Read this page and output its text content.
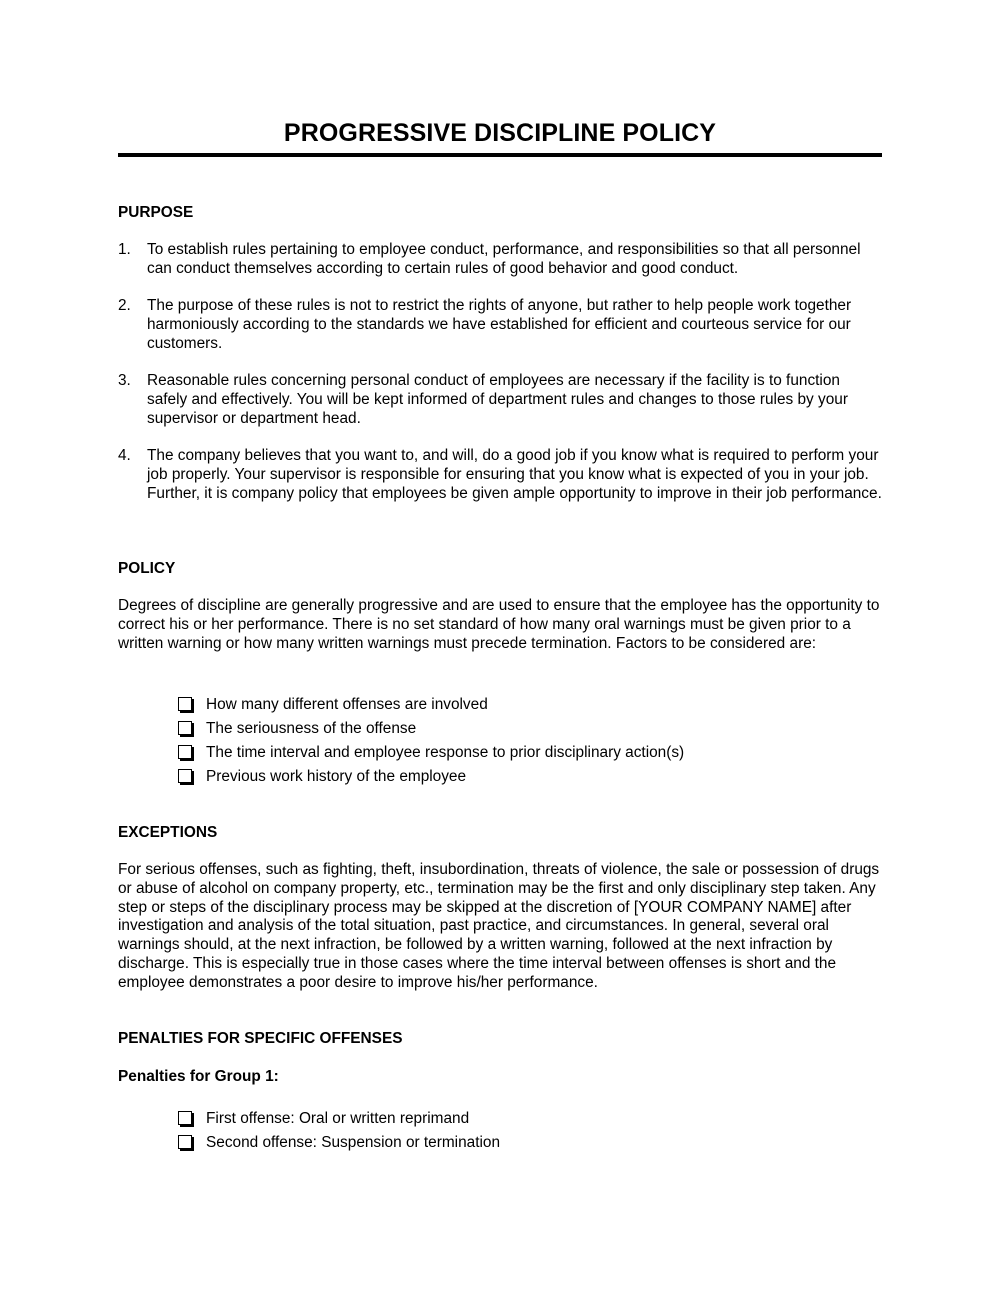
PROGRESSIVE DISCIPLINE POLICY
PURPOSE
1. To establish rules pertaining to employee conduct, performance, and responsibilities so that all personnel can conduct themselves according to certain rules of good behavior and good conduct.
2. The purpose of these rules is not to restrict the rights of anyone, but rather to help people work together harmoniously according to the standards we have established for efficient and courteous service for our customers.
3. Reasonable rules concerning personal conduct of employees are necessary if the facility is to function safely and effectively. You will be kept informed of department rules and changes to those rules by your supervisor or department head.
4. The company believes that you want to, and will, do a good job if you know what is required to perform your job properly. Your supervisor is responsible for ensuring that you know what is expected of you in your job. Further, it is company policy that employees be given ample opportunity to improve in their job performance.
POLICY
Degrees of discipline are generally progressive and are used to ensure that the employee has the opportunity to correct his or her performance. There is no set standard of how many oral warnings must be given prior to a written warning or how many written warnings must precede termination. Factors to be considered are:
How many different offenses are involved
The seriousness of the offense
The time interval and employee response to prior disciplinary action(s)
Previous work history of the employee
EXCEPTIONS
For serious offenses, such as fighting, theft, insubordination, threats of violence, the sale or possession of drugs or abuse of alcohol on company property, etc., termination may be the first and only disciplinary step taken. Any step or steps of the disciplinary process may be skipped at the discretion of [YOUR COMPANY NAME] after investigation and analysis of the total situation, past practice, and circumstances. In general, several oral warnings should, at the next infraction, be followed by a written warning, followed at the next infraction by discharge. This is especially true in those cases where the time interval between offenses is short and the employee demonstrates a poor desire to improve his/her performance.
PENALTIES FOR SPECIFIC OFFENSES
Penalties for Group 1:
First offense: Oral or written reprimand
Second offense: Suspension or termination
